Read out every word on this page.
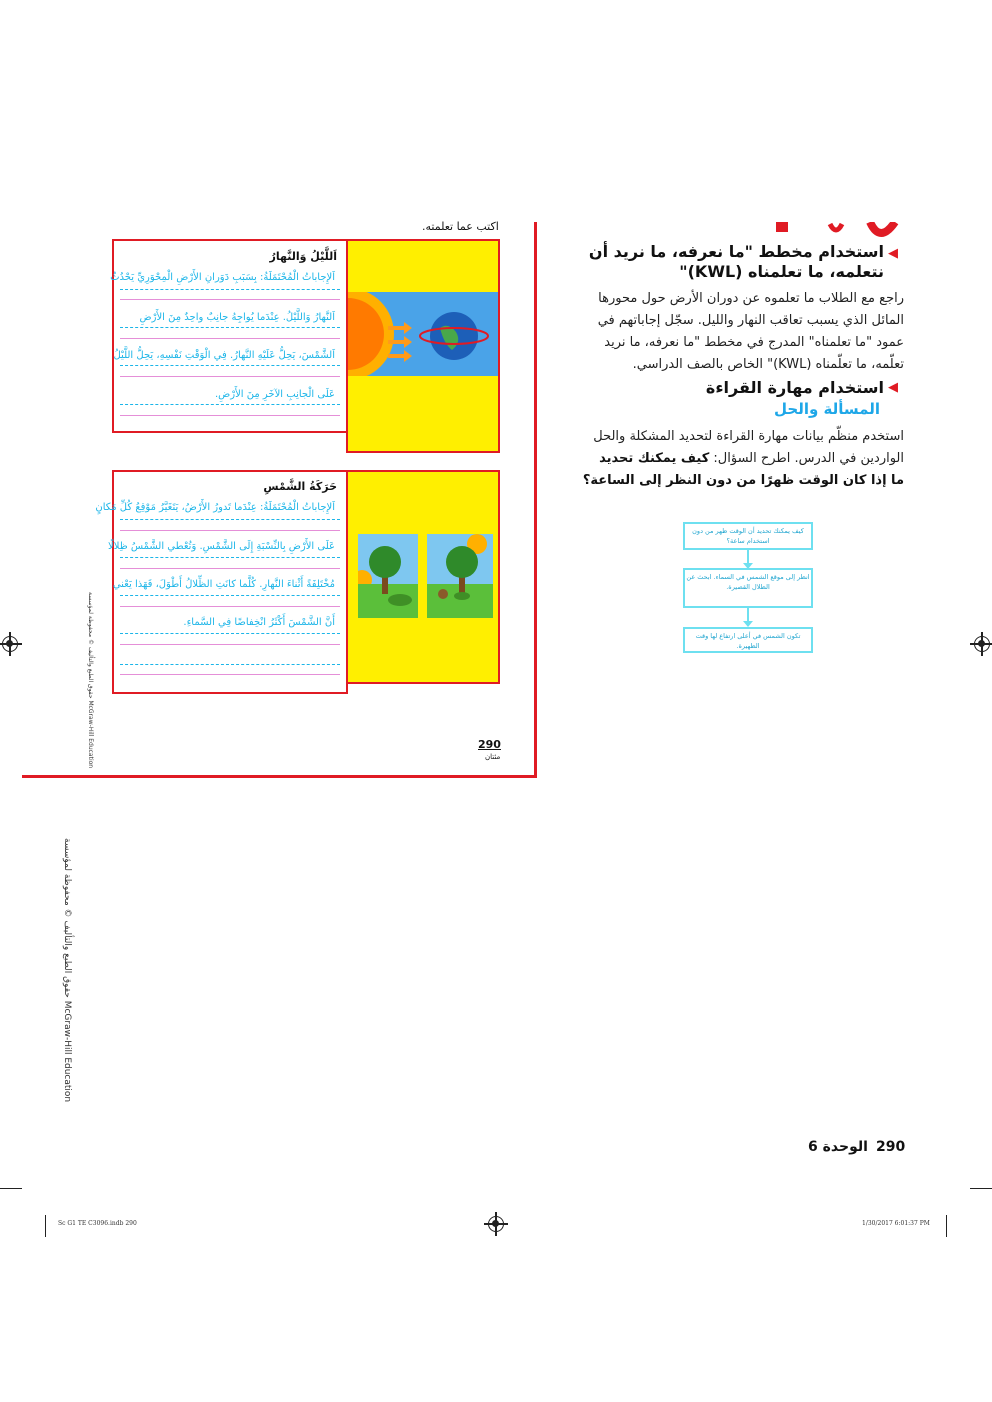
اكتب عما تعلمته.
اَللَّيْلُ وَالنَّهارُ
اَلإِجاباتُ الْمُحْتَمَلَةُ: بِسَبَبِ دَوَرانِ الأَرْضِ الْمِحْوَرِيِّ يَحْدُثُ
اَلنَّهارُ وَاللَّيْلُ. عِنْدَما يُواجِهُ جانِبٌ واحِدٌ مِنَ الأَرْضِ
اَلشَّمْسَ، يَحِلُّ عَلَيْهِ النَّهارُ. فِي الْوَقْتِ نَفْسِهِ، يَحِلُّ اللَّيْلُ
عَلَى الْجانِبِ الآخَرِ مِنَ الأَرْضِ.
حَرَكَةُ الشَّمْسِ
اَلإِجاباتُ الْمُحْتَمَلَةُ: عِنْدَما تَدورُ الأَرْضُ، يَتَغَيَّرُ مَوْقِعُ كُلِّ مَكانٍ
عَلَى الأَرْضِ بِالنِّسْبَةِ إِلَى الشَّمْسِ. وَتُعْطي الشَّمْسُ ظِلالًا
مُخْتَلِفَةً أَثْناءَ النَّهارِ. كُلَّما كانَتِ الظِّلالُ أَطْوَلَ، فَهَذا يَعْني
أَنَّ الشَّمْسَ أَكْثَرُ انْخِفاضًا فِي السَّماءِ.
حقوق الطبع والتأليف © محفوظة لمؤسسة McGraw-Hill Education	290
مئتان
◀
استخدام مخطط "ما نعرفه، ما نريد أن نتعلمه، ما تعلمناه (KWL)"
راجع مع الطلاب ما تعلموه عن دوران الأرض حول محورها المائل الذي يسبب تعاقب النهار والليل. سجّل إجاباتهم في عمود "ما تعلمناه" المدرج في مخطط "ما نعرفه، ما نريد تعلّمه، ما تعلّمناه (KWL)" الخاص بالصف الدراسي.
◀
استخدام مهارة القراءة
المسألة والحل
استخدم منظّم بيانات مهارة القراءة لتحديد المشكلة والحل الواردين في الدرس. اطرح السؤال: كيف يمكنك تحديد ما إذا كان الوقت ظهرًا من دون النظر إلى الساعة؟
كيف يمكنك تحديد أن الوقت ظهر من دون استخدام ساعة؟
انظر إلى موقع الشمس في السماء. ابحث عن الظلال القصيرة.
تكون الشمس في أعلى ارتفاع لها وقت الظهيرة.
حقوق الطبع والتأليف © محفوظة لمؤسسة McGraw-Hill Education
290
الوحدة 6
Sc G1 TE C3096.indb 290	1/30/2017 6:01:37 PM
